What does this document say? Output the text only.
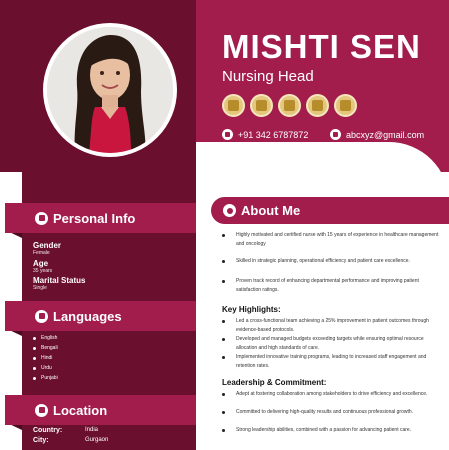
MISHTI SEN
Nursing Head
+91 342 6787872	abcxyz@gmail.com
Personal Info
Gender
Female
Age
35 years
Marital Status
Single
Languages
English
Bengali
Hindi
Urdu
Punjabi
Location
Country:	India
City:	Gurgaon
About Me

Highly motivated and certified nurse with 15 years of experience in healthcare management and oncology

Skilled in strategic planning, operational efficiency and patient care excellence.

Proven track record of enhancing departmental performance and improving patient satisfaction ratings.

Key Highlights:

Led a cross-functional team achieving a 25% improvement in patient outcomes through evidence-based protocols.

Developed and managed budgets exceeding targets while ensuring optimal resource allocation and high standards of care.

Implemented innovative training programs, leading to increased staff engagement and retention rates.

Leadership & Commitment:

Adept at fostering collaboration among stakeholders to drive efficiency and excellence.

Committed to delivering high-quality results and continuous professional growth.

Strong leadership abilities, combined with a passion for advancing patient care.
